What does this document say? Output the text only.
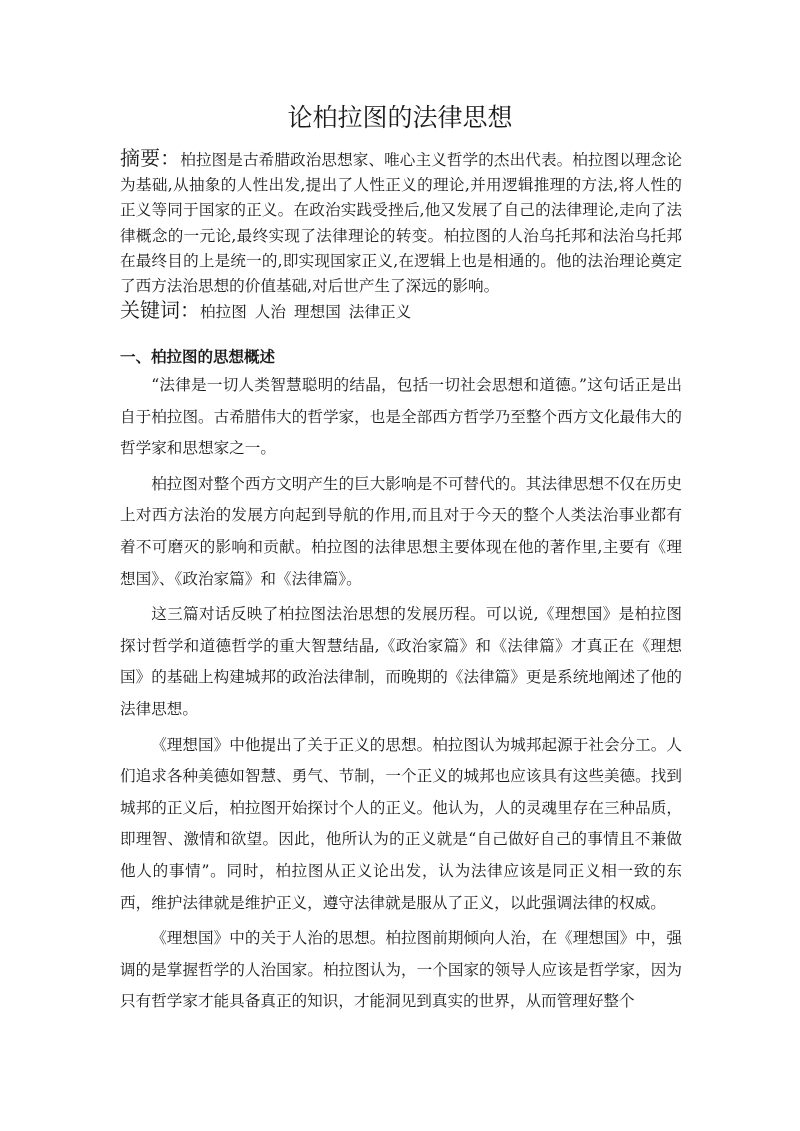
论柏拉图的法律思想

摘要：柏拉图是古希腊政治思想家、唯心主义哲学的杰出代表。柏拉图以理念论为基础,从抽象的人性出发,提出了人性正义的理论,并用逻辑推理的方法,将人性的正义等同于国家的正义。在政治实践受挫后,他又发展了自己的法律理论,走向了法律概念的一元论,最终实现了法律理论的转变。柏拉图的人治乌托邦和法治乌托邦在最终目的上是统一的,即实现国家正义,在逻辑上也是相通的。他的法治理论奠定了西方法治思想的价值基础,对后世产生了深远的影响。

关键词：柏拉图 人治 理想国 法律正义

一、柏拉图的思想概述

“法律是一切人类智慧聪明的结晶，包括一切社会思想和道德。”这句话正是出自于柏拉图。古希腊伟大的哲学家，也是全部西方哲学乃至整个西方文化最伟大的哲学家和思想家之一。

柏拉图对整个西方文明产生的巨大影响是不可替代的。其法律思想不仅在历史上对西方法治的发展方向起到导航的作用,而且对于今天的整个人类法治事业都有着不可磨灭的影响和贡献。柏拉图的法律思想主要体现在他的著作里,主要有《理想国》、《政治家篇》和《法律篇》。

这三篇对话反映了柏拉图法治思想的发展历程。可以说,《理想国》是柏拉图探讨哲学和道德哲学的重大智慧结晶,《政治家篇》和《法律篇》才真正在《理想国》的基础上构建城邦的政治法律制，而晚期的《法律篇》更是系统地阐述了他的法律思想。

《理想国》中他提出了关于正义的思想。柏拉图认为城邦起源于社会分工。人们追求各种美德如智慧、勇气、节制，一个正义的城邦也应该具有这些美德。找到城邦的正义后，柏拉图开始探讨个人的正义。他认为，人的灵魂里存在三种品质，即理智、激情和欲望。因此，他所认为的正义就是“自己做好自己的事情且不兼做他人的事情”。同时，柏拉图从正义论出发，认为法律应该是同正义相一致的东西，维护法律就是维护正义，遵守法律就是服从了正义，以此强调法律的权威。

《理想国》中的关于人治的思想。柏拉图前期倾向人治，在《理想国》中，强调的是掌握哲学的人治国家。柏拉图认为，一个国家的领导人应该是哲学家，因为只有哲学家才能具备真正的知识，才能洞见到真实的世界，从而管理好整个
